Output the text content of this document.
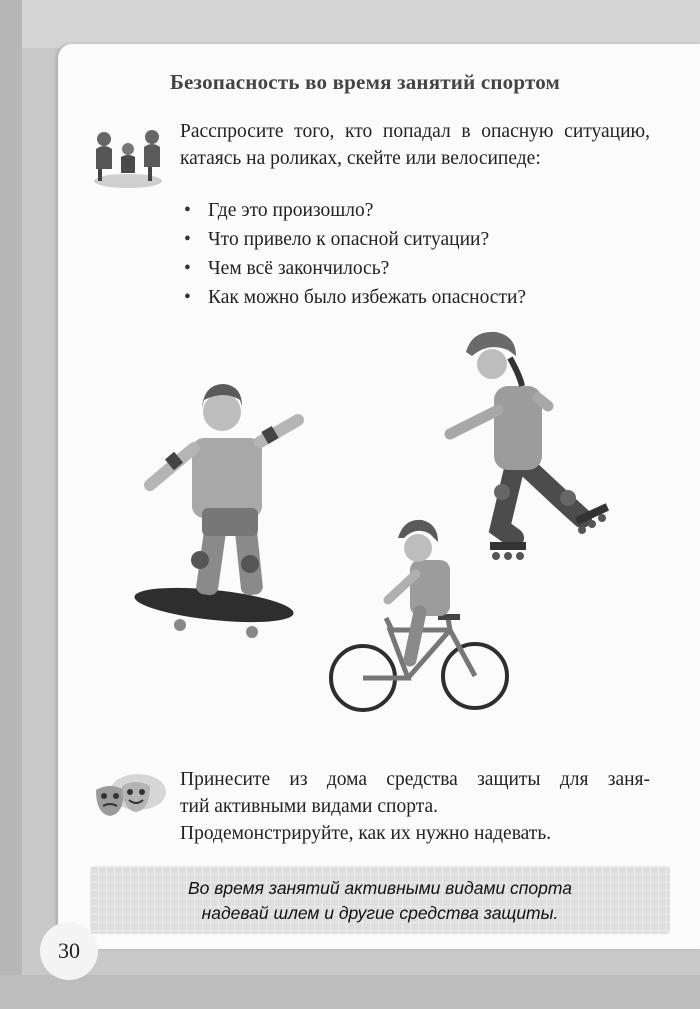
Безопасность во время занятий спортом
Расспросите того, кто попадал в опасную ситуацию, катаясь на роликах, скейте или велосипеде:
• Где это произошло?
• Что привело к опасной ситуации?
• Чем всё закончилось?
• Как можно было избежать опасности?
Принесите из дома средства защиты для заня-
тий активными видами спорта.
Продемонстрируйте, как их нужно надевать.
Во время занятий активными видами спорта
надевай шлем и другие средства защиты.
30
